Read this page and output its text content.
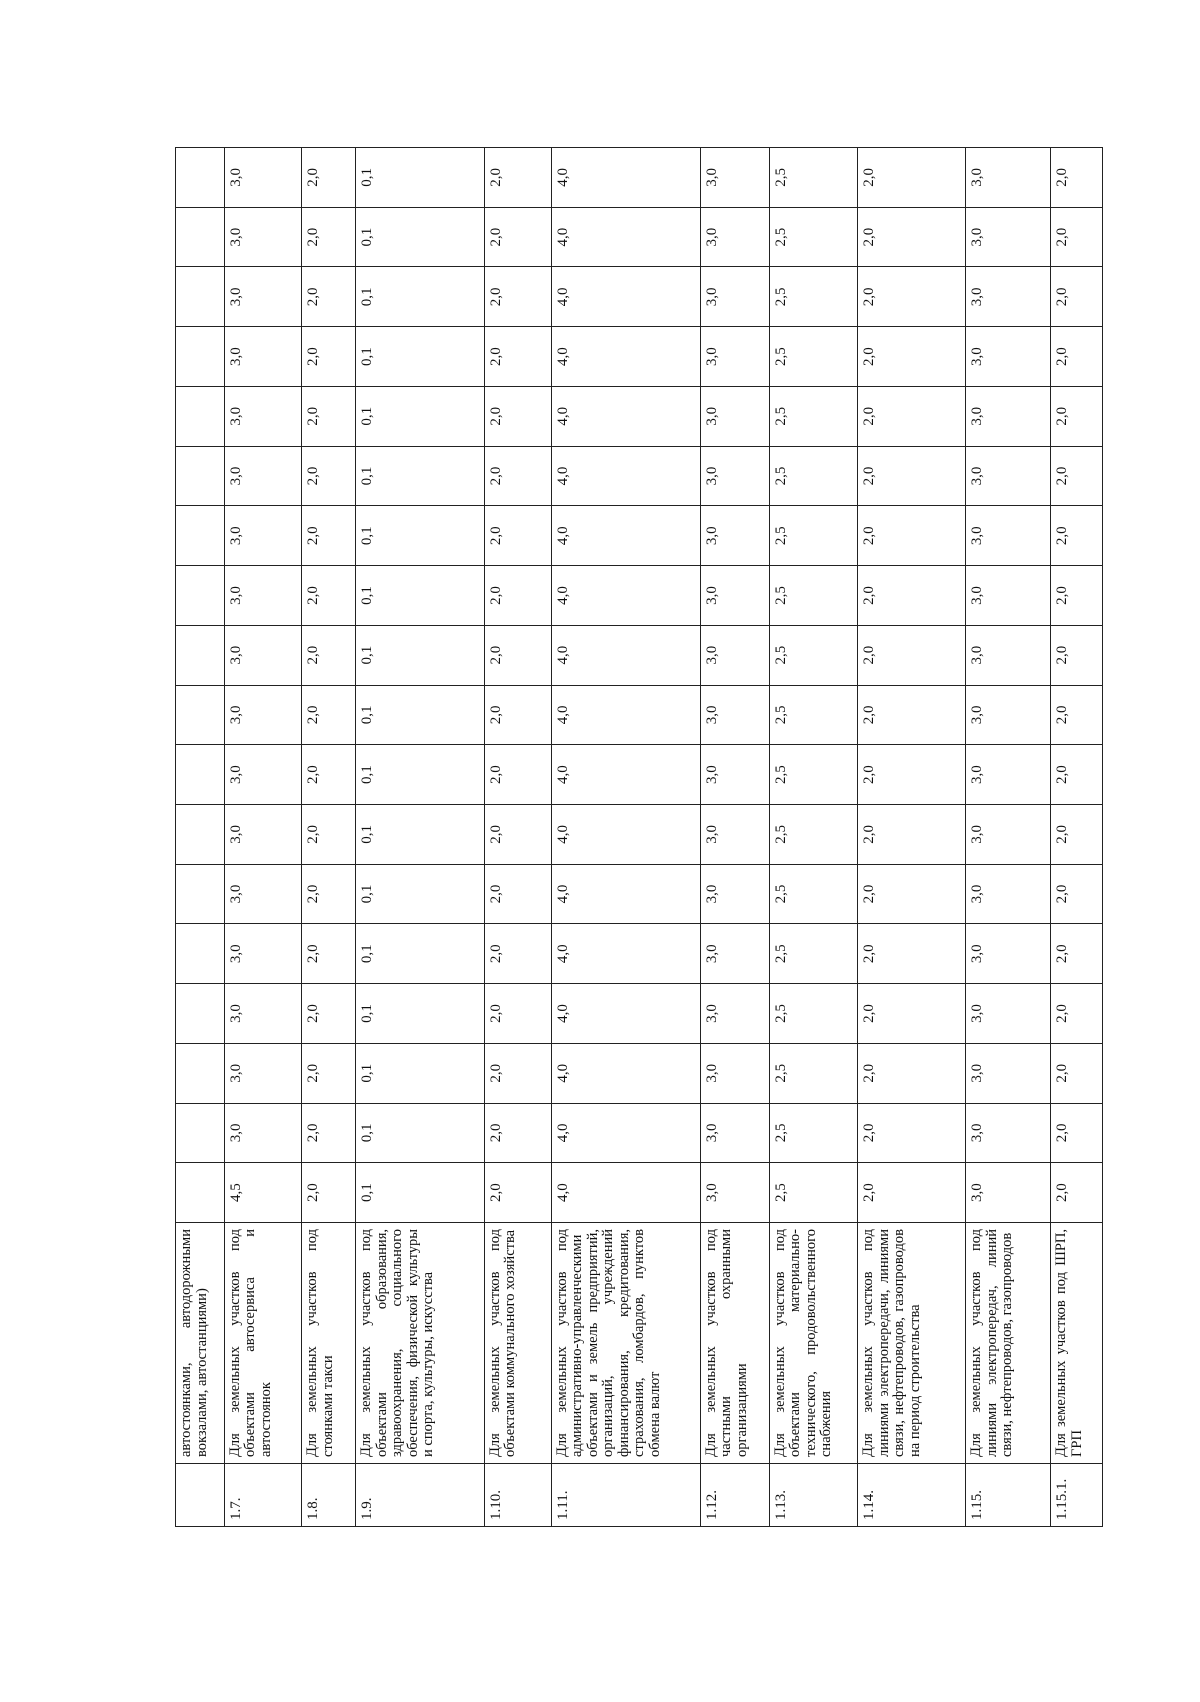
	автостоянками, автодорожными вокзалами, автостанциями)																		
1.7.	Для земельных участков под объектами автосервиса и автостоянок	4,5	3,0	3,0	3,0	3,0	3,0	3,0	3,0	3,0	3,0	3,0	3,0	3,0	3,0	3,0	3,0	3,0	3,0
1.8.	Для земельных участков под стоянками такси	2,0	2,0	2,0	2,0	2,0	2,0	2,0	2,0	2,0	2,0	2,0	2,0	2,0	2,0	2,0	2,0	2,0	2,0
1.9.	Для земельных участков под объектами образования, здравоохранения, социального обеспечения, физической культуры и спорта, культуры, искусства	0,1	0,1	0,1	0,1	0,1	0,1	0,1	0,1	0,1	0,1	0,1	0,1	0,1	0,1	0,1	0,1	0,1	0,1
1.10.	Для земельных участков под объектами коммунального хозяйства	2,0	2,0	2,0	2,0	2,0	2,0	2,0	2,0	2,0	2,0	2,0	2,0	2,0	2,0	2,0	2,0	2,0	2,0
1.11.	Для земельных участков под административно-управленческими объектами и земель предприятий, организаций, учреждений финансирования, кредитования, страхования, ломбардов, пунктов обмена валют	4,0	4,0	4,0	4,0	4,0	4,0	4,0	4,0	4,0	4,0	4,0	4,0	4,0	4,0	4,0	4,0	4,0	4,0
1.12.	Для земельных участков под частными охранными организациями	3,0	3,0	3,0	3,0	3,0	3,0	3,0	3,0	3,0	3,0	3,0	3,0	3,0	3,0	3,0	3,0	3,0	3,0
1.13.	Для земельных участков под объектами материально-технического, продовольственного снабжения	2,5	2,5	2,5	2,5	2,5	2,5	2,5	2,5	2,5	2,5	2,5	2,5	2,5	2,5	2,5	2,5	2,5	2,5
1.14.	Для земельных участков под линиями электропередачи, линиями связи, нефтепроводов, газопроводов на период строительства	2,0	2,0	2,0	2,0	2,0	2,0	2,0	2,0	2,0	2,0	2,0	2,0	2,0	2,0	2,0	2,0	2,0	2,0
1.15.	Для земельных участков под линиями электропередач, линий связи, нефтепроводов, газопроводов	3,0	3,0	3,0	3,0	3,0	3,0	3,0	3,0	3,0	3,0	3,0	3,0	3,0	3,0	3,0	3,0	3,0	3,0
1.15.1.	Для земельных участков под ШРП, ГРП	2,0	2,0	2,0	2,0	2,0	2,0	2,0	2,0	2,0	2,0	2,0	2,0	2,0	2,0	2,0	2,0	2,0	2,0
